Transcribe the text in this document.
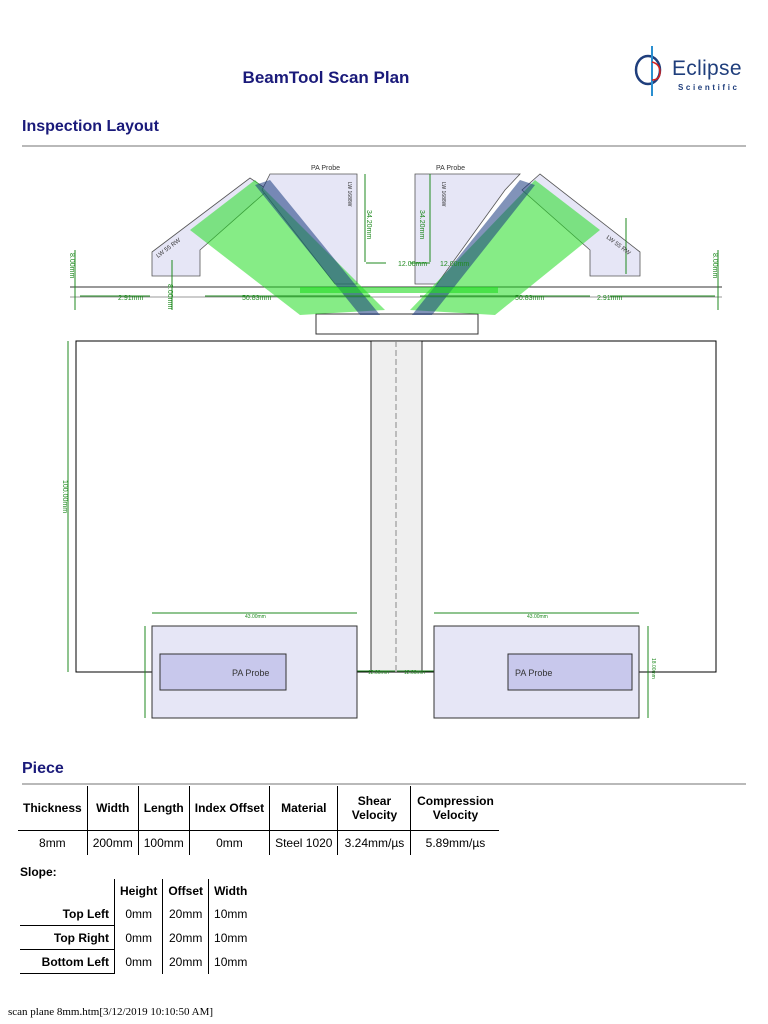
BeamTool Scan Plan	Eclipse
Scientific
Inspection Layout
PA Probe	PA Probe
2.91mm	2.91mm
50.83mm	50.83mm
12.00mm 12.00mm
34.20mm	34.20mm
8.00mm	8.00mm
8.00mm
LW 55 RW	LW 55 RW
LW 1688W	LW 1688W
PA Probe	PA Probe
43.00mm	43.00mm
12.00mm	12.00mm	18.00mm
100.00mm
Piece
Thickness	Width	Length	Index Offset	Material	Shear Velocity	Compression Velocity
8mm	200mm	100mm	0mm	Steel 1020	3.24mm/µs	5.89mm/µs
Slope:
	Height	Offset	Width
Top Left	0mm	20mm	10mm
Top Right	0mm	20mm	10mm
Bottom Left	0mm	20mm	10mm
scan plane 8mm.htm[3/12/2019 10:10:50 AM]
